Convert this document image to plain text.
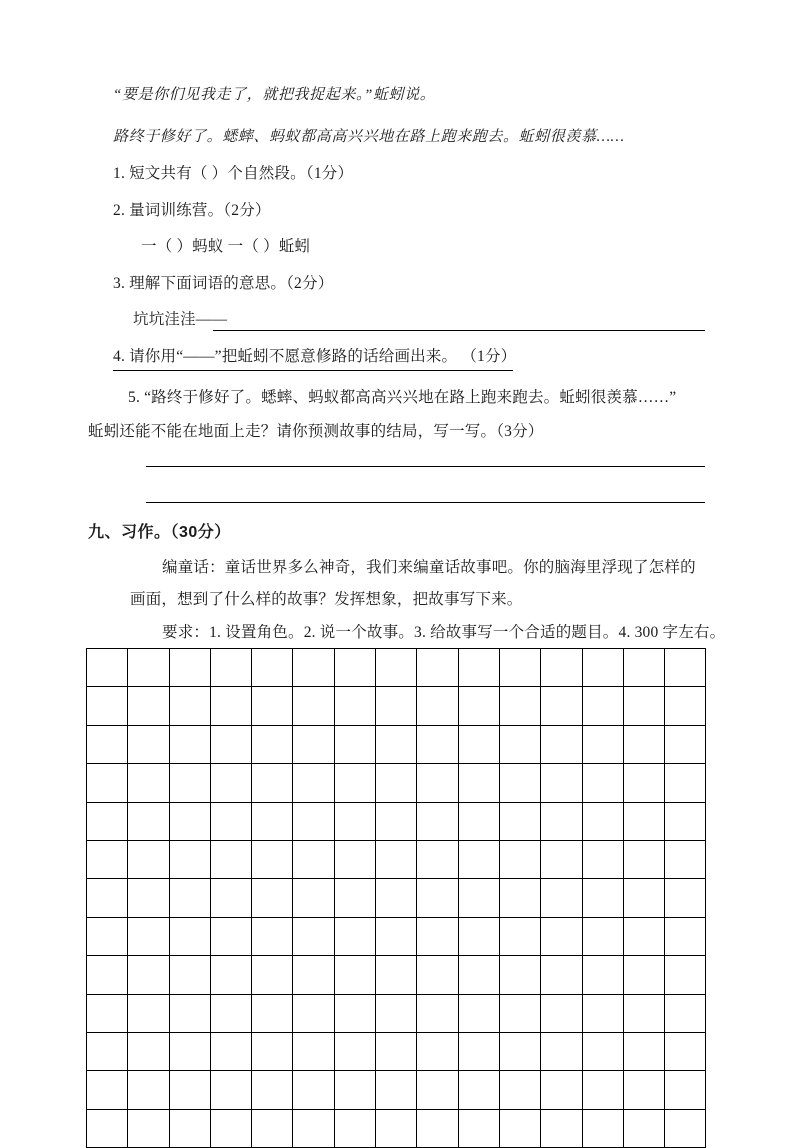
“要是你们见我走了，就把我捉起来。”蚯蚓说。
路终于修好了。蟋蟀、蚂蚁都高高兴兴地在路上跑来跑去。蚯蚓很羡慕……
1. 短文共有（ ）个自然段。（1分）
2. 量词训练营。（2分）
一（ ）蚂蚁 一（ ）蚯蚓
3. 理解下面词语的意思。（2分）
坑坑洼洼——
4. 请你用“——”把蚯蚓不愿意修路的话给画出来。 （1分）
5. “路终于修好了。蟋蟀、蚂蚁都高高兴兴地在路上跑来跑去。蚯蚓很羡慕……”
蚯蚓还能不能在地面上走？请你预测故事的结局，写一写。（3分）
九、习作。（30分）
编童话：童话世界多么神奇，我们来编童话故事吧。你的脑海里浮现了怎样的
画面，想到了什么样的故事？发挥想象，把故事写下来。
要求：1. 设置角色。2. 说一个故事。3. 给故事写一个合适的题目。4. 300 字左右。
